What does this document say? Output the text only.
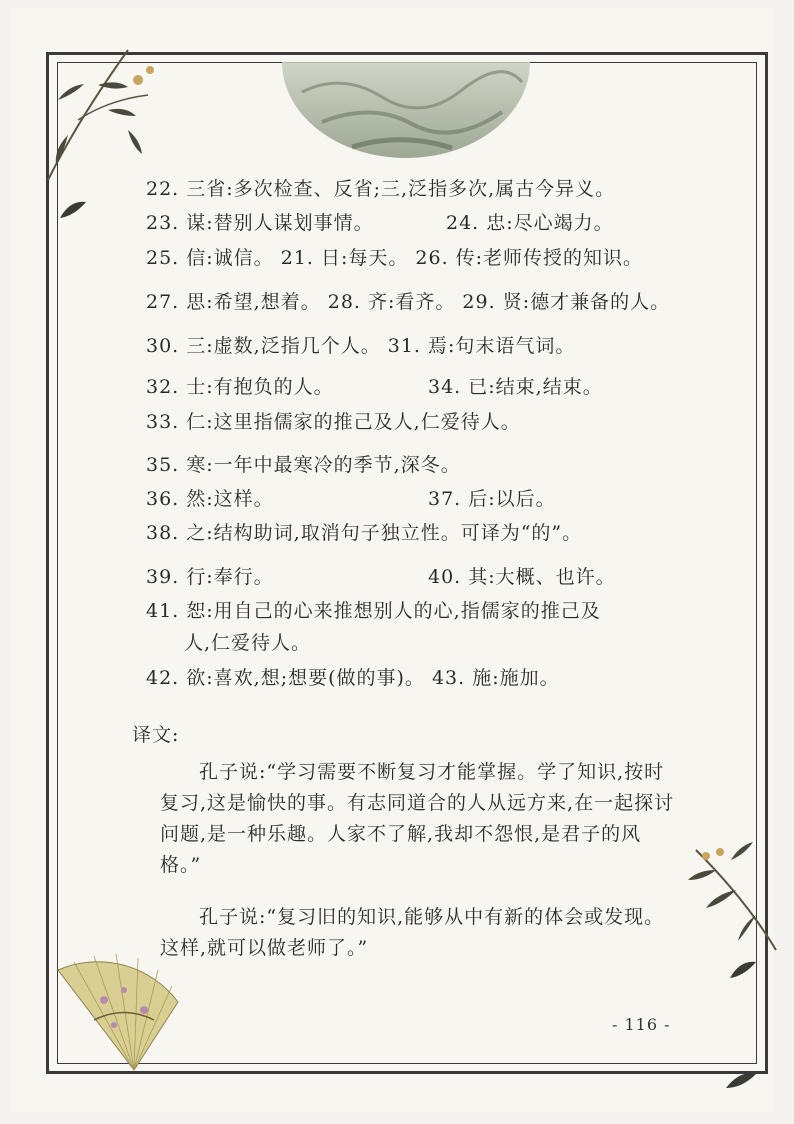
22. 三省:多次检查、反省;三,泛指多次,属古今异义。
23. 谋:替别人谋划事情。	24. 忠:尽心竭力。
25. 信:诚信。 21. 日:每天。 26. 传:老师传授的知识。
27. 思:希望,想着。 28. 齐:看齐。 29. 贤:德才兼备的人。
30. 三:虚数,泛指几个人。 31. 焉:句末语气词。
32. 士:有抱负的人。	34. 已:结束,结束。
33. 仁:这里指儒家的推己及人,仁爱待人。
35. 寒:一年中最寒冷的季节,深冬。
36. 然:这样。	37. 后:以后。
38. 之:结构助词,取消句子独立性。可译为“的”。
39. 行:奉行。	40. 其:大概、也许。
41. 恕:用自己的心来推想别人的心,指儒家的推己及
人,仁爱待人。
42. 欲:喜欢,想;想要(做的事)。 43. 施:施加。
译文:
孔子说:“学习需要不断复习才能掌握。学了知识,按时复习,这是愉快的事。有志同道合的人从远方来,在一起探讨问题,是一种乐趣。人家不了解,我却不怨恨,是君子的风格。”
孔子说:“复习旧的知识,能够从中有新的体会或发现。这样,就可以做老师了。”
- 116 -
